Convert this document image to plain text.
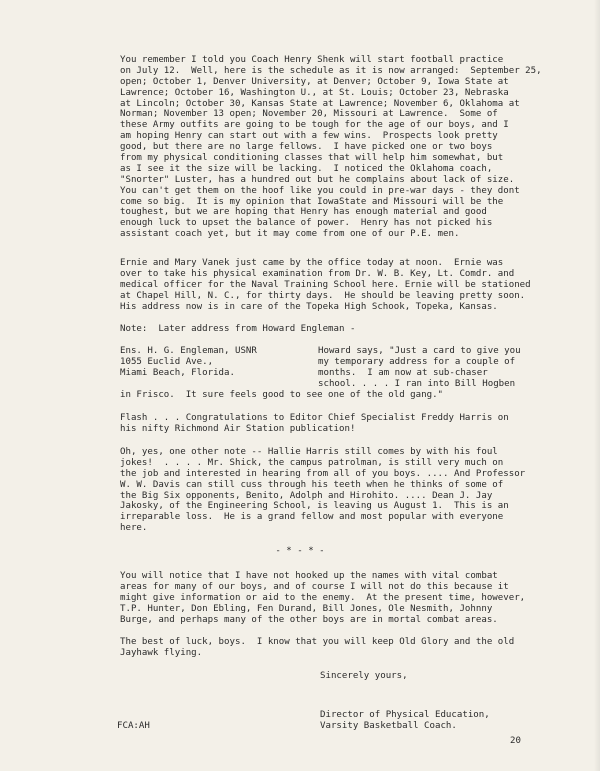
You remember I told you Coach Henry Shenk will start football practice
on July 12.  Well, here is the schedule as it is now arranged:  September 25,
open; October 1, Denver University, at Denver; October 9, Iowa State at
Lawrence; October 16, Washington U., at St. Louis; October 23, Nebraska
at Lincoln; October 30, Kansas State at Lawrence; November 6, Oklahoma at
Norman; November 13 open; November 20, Missouri at Lawrence.  Some of
these Army outfits are going to be tough for the age of our boys, and I
am hoping Henry can start out with a few wins.  Prospects look pretty
good, but there are no large fellows.  I have picked one or two boys
from my physical conditioning classes that will help him somewhat, but
as I see it the size will be lacking.  I noticed the Oklahoma coach,
"Snorter" Luster, has a hundred out but he complains about lack of size.
You can't get them on the hoof like you could in pre-war days - they dont
come so big.  It is my opinion that IowaState and Missouri will be the
toughest, but we are hoping that Henry has enough material and good
enough luck to upset the balance of power.  Henry has not picked his
assistant coach yet, but it may come from one of our P.E. men.
Ernie and Mary Vanek just came by the office today at noon.  Ernie was
over to take his physical examination from Dr. W. B. Key, Lt. Comdr. and
medical officer for the Naval Training School here. Ernie will be stationed
at Chapel Hill, N. C., for thirty days.  He should be leaving pretty soon.
His address now is in care of the Topeka High Schook, Topeka, Kansas.
Note:  Later address from Howard Engleman -
Ens. H. G. Engleman, USNR
1055 Euclid Ave.,
Miami Beach, Florida.
Howard says, "Just a card to give you
my temporary address for a couple of
months.  I am now at sub-chaser
school. . . . I ran into Bill Hogben
in Frisco.  It sure feels good to see one of the old gang."
Flash . . . Congratulations to Editor Chief Specialist Freddy Harris on
his nifty Richmond Air Station publication!
Oh, yes, one other note -- Hallie Harris still comes by with his foul
jokes!  . . . . Mr. Shick, the campus patrolman, is still very much on
the job and interested in hearing from all of you boys. .... And Professor
W. W. Davis can still cuss through his teeth when he thinks of some of
the Big Six opponents, Benito, Adolph and Hirohito. .... Dean J. Jay
Jakosky, of the Engineering School, is leaving us August 1.  This is an
irreparable loss.  He is a grand fellow and most popular with everyone
here.
- * - * -
You will notice that I have not hooked up the names with vital combat
areas for many of our boys, and of course I will not do this because it
might give information or aid to the enemy.  At the present time, however,
T.P. Hunter, Don Ebling, Fen Durand, Bill Jones, Ole Nesmith, Johnny
Burge, and perhaps many of the other boys are in mortal combat areas.
The best of luck, boys.  I know that you will keep Old Glory and the old
Jayhawk flying.
Sincerely yours,
Director of Physical Education,
Varsity Basketball Coach.
FCA:AH
20
